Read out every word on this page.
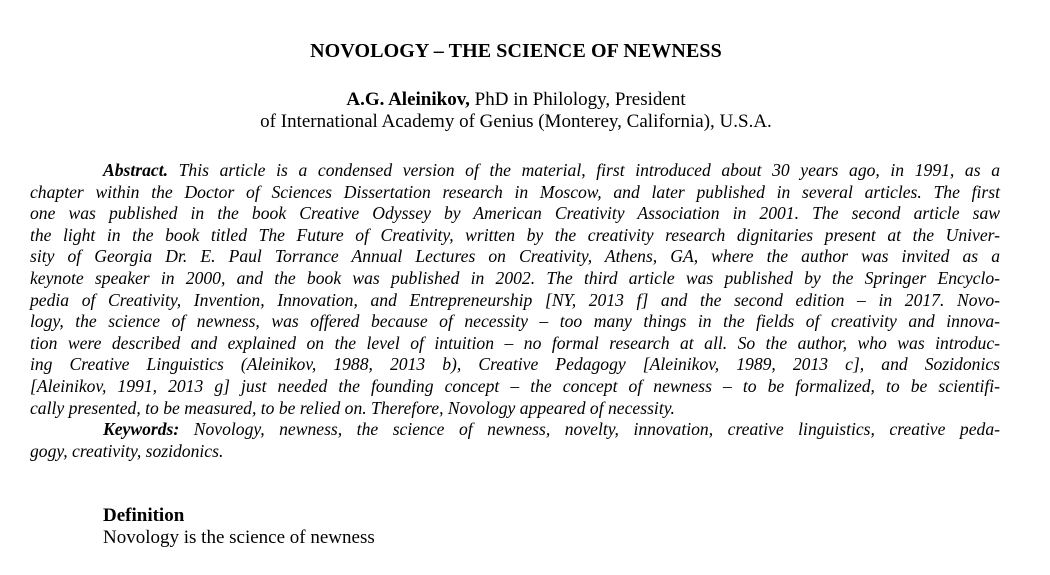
NOVOLOGY – THE SCIENCE OF NEWNESS
A.G. Aleinikov, PhD in Philology, President
of International Academy of Genius (Monterey, California), U.S.A.
Abstract. This article is a condensed version of the material, first introduced about 30 years ago, in 1991, as a
chapter within the Doctor of Sciences Dissertation research in Moscow, and later published in several articles. The first
one was published in the book Creative Odyssey by American Creativity Association in 2001. The second article saw
the light in the book titled The Future of Creativity, written by the creativity research dignitaries present at the Univer-
sity of Georgia Dr. E. Paul Torrance Annual Lectures on Creativity, Athens, GA, where the author was invited as a
keynote speaker in 2000, and the book was published in 2002. The third article was published by the Springer Encyclo-
pedia of Creativity, Invention, Innovation, and Entrepreneurship [NY, 2013 f] and the second edition – in 2017. Novo-
logy, the science of newness, was offered because of necessity – too many things in the fields of creativity and innova-
tion were described and explained on the level of intuition – no formal research at all. So the author, who was introduc-
ing Creative Linguistics (Aleinikov, 1988, 2013 b), Creative Pedagogy [Aleinikov, 1989, 2013 c], and Sozidonics
[Aleinikov, 1991, 2013 g] just needed the founding concept – the concept of newness – to be formalized, to be scientifi-
cally presented, to be measured, to be relied on. Therefore, Novology appeared of necessity.
Keywords: Novology, newness, the science of newness, novelty, innovation, creative linguistics, creative peda-
gogy, creativity, sozidonics.
Definition
Novology is the science of newness
